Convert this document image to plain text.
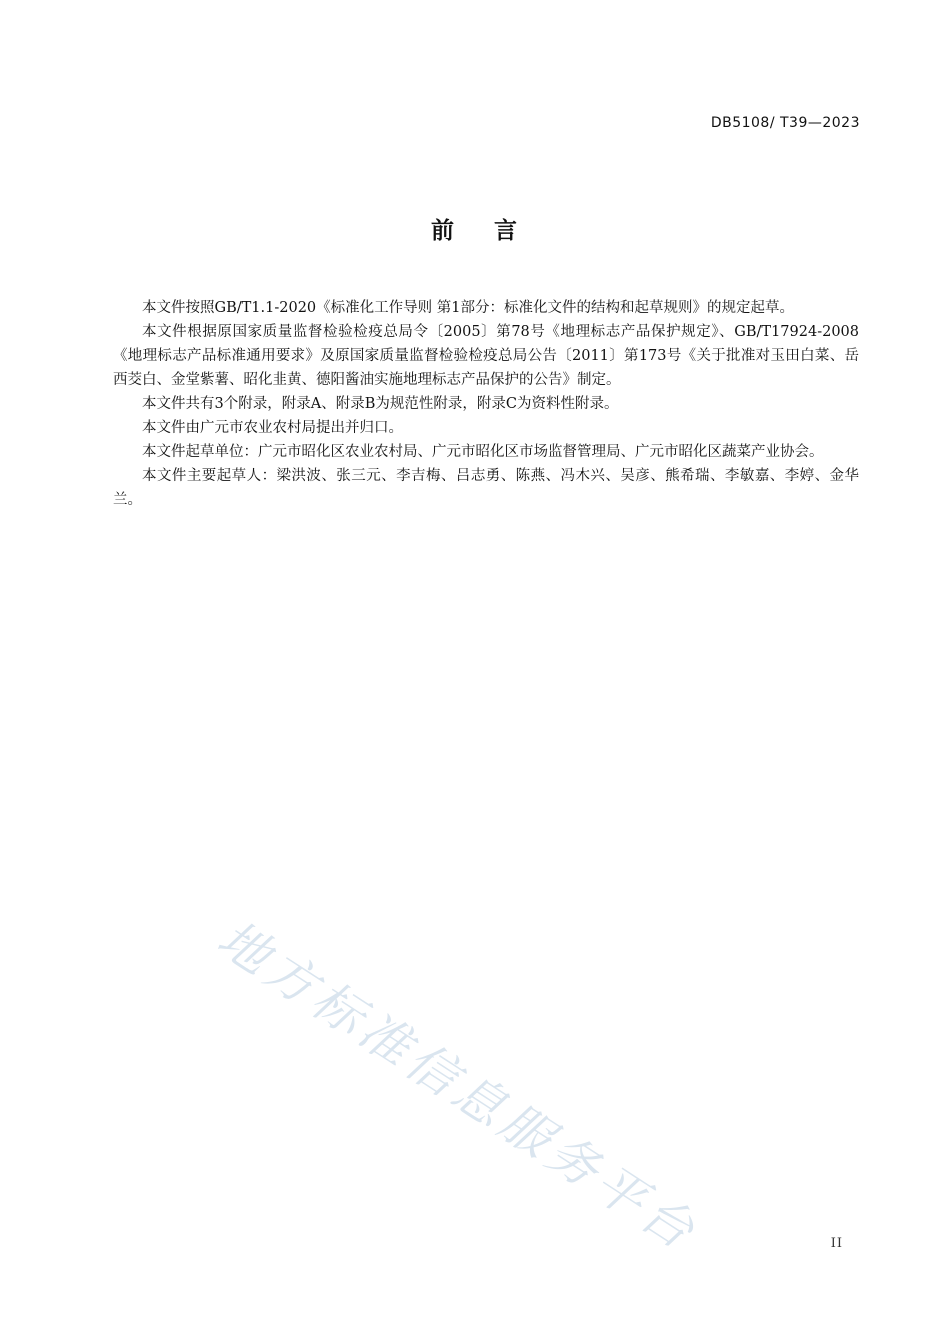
DB5108/ T39—2023
前 言

本文件按照GB/T1.1-2020《标准化工作导则 第1部分：标准化文件的结构和起草规则》的规定起草。

本文件根据原国家质量监督检验检疫总局令〔2005〕第78号《地理标志产品保护规定》、GB/T17924-2008《地理标志产品标准通用要求》及原国家质量监督检验检疫总局公告〔2011〕第173号《关于批准对玉田白菜、岳西茭白、金堂紫薯、昭化韭黄、德阳酱油实施地理标志产品保护的公告》制定。

本文件共有3个附录，附录A、附录B为规范性附录，附录C为资料性附录。

本文件由广元市农业农村局提出并归口。

本文件起草单位：广元市昭化区农业农村局、广元市昭化区市场监督管理局、广元市昭化区蔬菜产业协会。

本文件主要起草人：梁洪波、张三元、李吉梅、吕志勇、陈燕、冯木兴、吴彦、熊希瑞、李敏嘉、李婷、金华兰。

地方标准信息服务平台	II
